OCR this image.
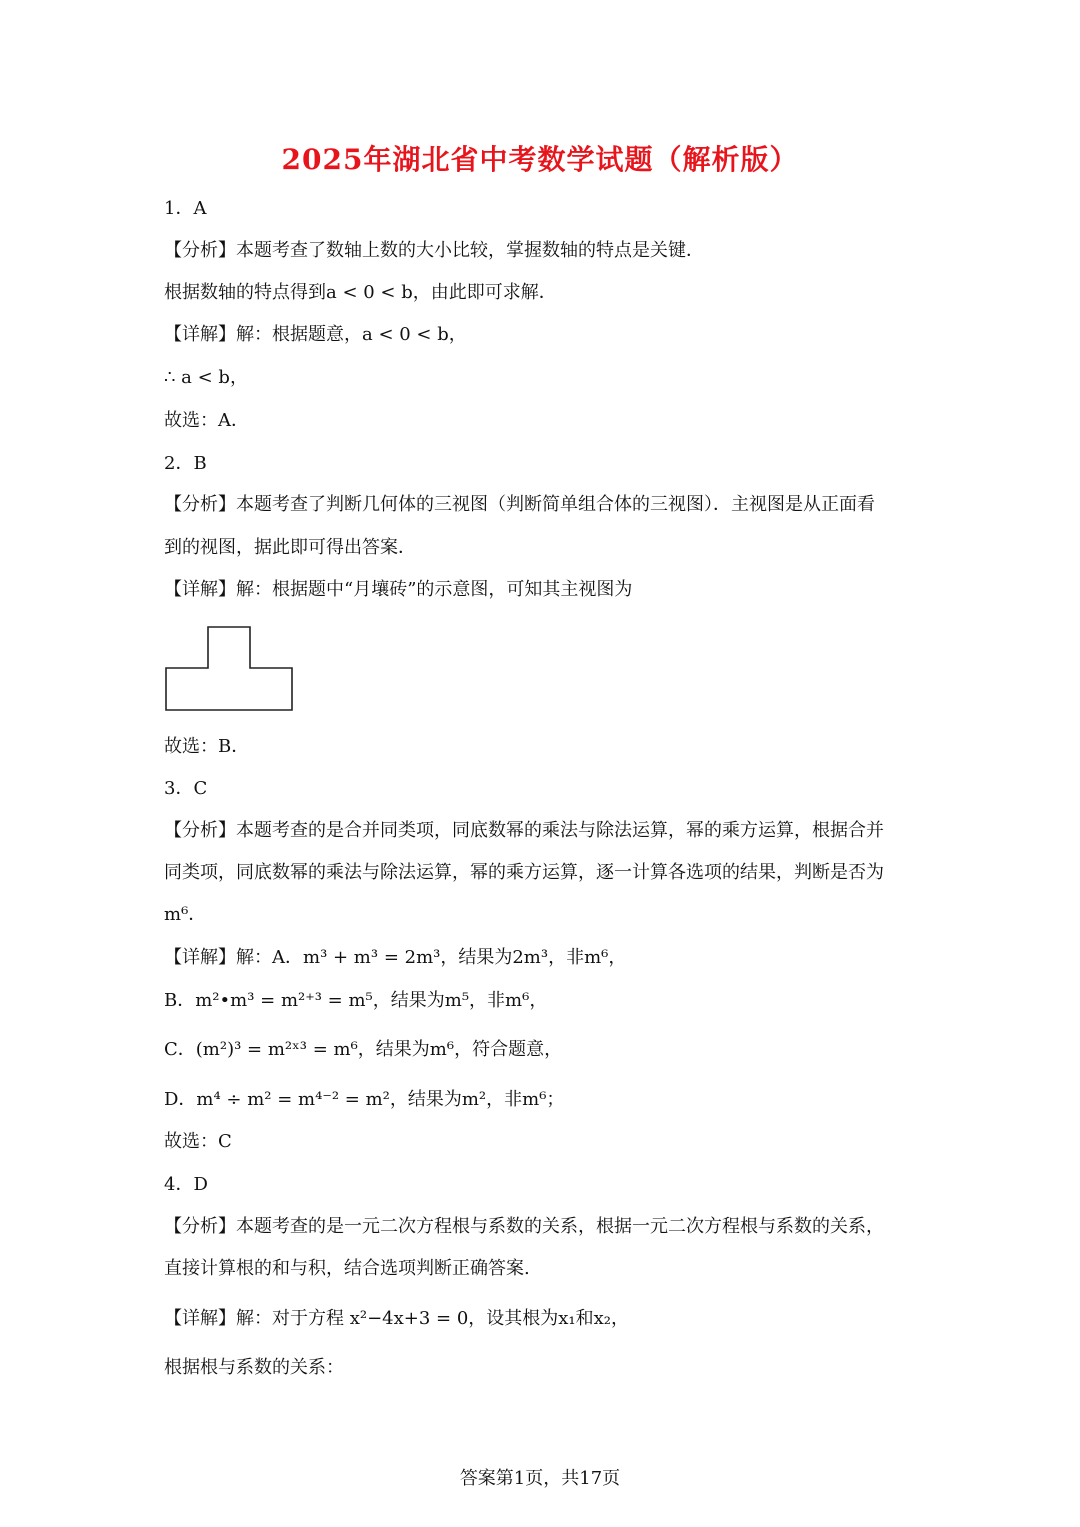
2025年湖北省中考数学试题（解析版）
1．A
【分析】本题考查了数轴上数的大小比较，掌握数轴的特点是关键．
根据数轴的特点得到a < 0 < b，由此即可求解．
【详解】解：根据题意，a < 0 < b，
∴ a < b，
故选：A．
2．B
【分析】本题考查了判断几何体的三视图（判断简单组合体的三视图）．主视图是从正面看
到的视图，据此即可得出答案．
【详解】解：根据题中“月壤砖”的示意图，可知其主视图为
故选：B．
3．C
【分析】本题考查的是合并同类项，同底数幂的乘法与除法运算，幂的乘方运算，根据合并
同类项，同底数幂的乘法与除法运算，幂的乘方运算，逐一计算各选项的结果，判断是否为
m⁶．
【详解】解：A．m³ + m³ = 2m³，结果为2m³，非m⁶，
B．m²•m³ = m²⁺³ = m⁵，结果为m⁵，非m⁶，
C．(m²)³ = m²ˣ³ = m⁶，结果为m⁶，符合题意，
D．m⁴ ÷ m² = m⁴⁻² = m²，结果为m²，非m⁶；
故选：C
4．D
【分析】本题考查的是一元二次方程根与系数的关系，根据一元二次方程根与系数的关系，
直接计算根的和与积，结合选项判断正确答案.
【详解】解：对于方程 x²−4x+3 = 0，设其根为x₁和x₂，
根据根与系数的关系：
答案第1页，共17页
